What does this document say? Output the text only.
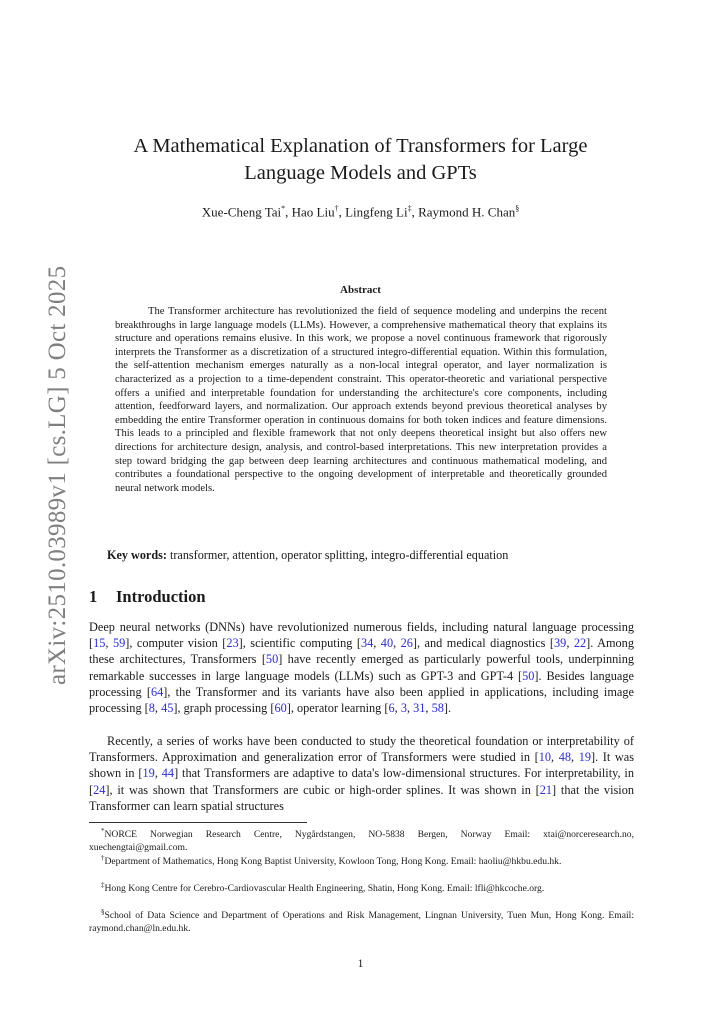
arXiv:2510.03989v1 [cs.LG] 5 Oct 2025
A Mathematical Explanation of Transformers for Large
Language Models and GPTs
Xue-Cheng Tai*, Hao Liu†, Lingfeng Li‡, Raymond H. Chan§
Abstract
The Transformer architecture has revolutionized the field of sequence modeling and underpins the recent breakthroughs in large language models (LLMs). However, a comprehensive mathematical theory that explains its structure and operations remains elusive. In this work, we propose a novel continuous framework that rigorously interprets the Transformer as a discretization of a structured integro-differential equation. Within this formulation, the self-attention mechanism emerges naturally as a non-local integral operator, and layer normalization is characterized as a projection to a time-dependent constraint. This operator-theoretic and variational perspective offers a unified and interpretable foundation for understanding the architecture's core components, including attention, feedforward layers, and normalization. Our approach extends beyond previous theoretical analyses by embedding the entire Transformer operation in continuous domains for both token indices and feature dimensions. This leads to a principled and flexible framework that not only deepens theoretical insight but also offers new directions for architecture design, analysis, and control-based interpretations. This new interpretation provides a step toward bridging the gap between deep learning architectures and continuous mathematical modeling, and contributes a foundational perspective to the ongoing development of interpretable and theoretically grounded neural network models.
Key words: transformer, attention, operator splitting, integro-differential equation
1 Introduction
Deep neural networks (DNNs) have revolutionized numerous fields, including natural language processing [15, 59], computer vision [23], scientific computing [34, 40, 26], and medical diagnostics [39, 22]. Among these architectures, Transformers [50] have recently emerged as particularly powerful tools, underpinning remarkable successes in large language models (LLMs) such as GPT-3 and GPT-4 [50]. Besides language processing [64], the Transformer and its variants have also been applied in applications, including image processing [8, 45], graph processing [60], operator learning [6, 3, 31, 58].
Recently, a series of works have been conducted to study the theoretical foundation or interpretability of Transformers. Approximation and generalization error of Transformers were studied in [10, 48, 19]. It was shown in [19, 44] that Transformers are adaptive to data's low-dimensional structures. For interpretability, in [24], it was shown that Transformers are cubic or high-order splines. It was shown in [21] that the vision Transformer can learn spatial structures
*NORCE Norwegian Research Centre, Nygårdstangen, NO-5838 Bergen, Norway Email: xtai@norceresearch.no, xuechengtai@gmail.com.
†Department of Mathematics, Hong Kong Baptist University, Kowloon Tong, Hong Kong. Email: haoliu@hkbu.edu.hk.
‡Hong Kong Centre for Cerebro-Cardiovascular Health Engineering, Shatin, Hong Kong. Email: lfli@hkcoche.org.
§School of Data Science and Department of Operations and Risk Management, Lingnan University, Tuen Mun, Hong Kong. Email: raymond.chan@ln.edu.hk.
1
